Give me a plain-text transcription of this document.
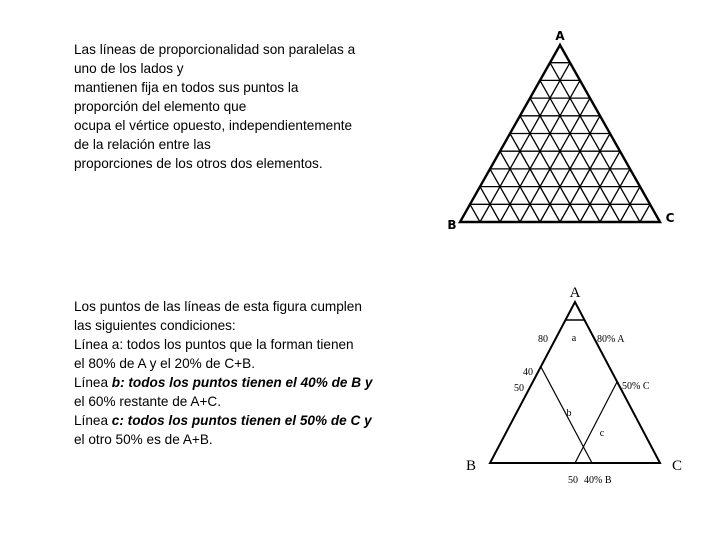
Las líneas de proporcionalidad son paralelas a
uno de los lados y
mantienen fija en todos sus puntos la
proporción del elemento que
ocupa el vértice opuesto, independientemente
de la relación entre las
proporciones de los otros dos elementos.
Los puntos de las líneas de esta figura cumplen
las siguientes condiciones:
Línea a: todos los puntos que la forman tienen
el 80% de A y el 20% de C+B.
Línea b: todos los puntos tienen el 40% de B y
el 60% restante de A+C.
Línea c: todos los puntos tienen el 50% de C y
el otro 50% es de A+B.
A
B	C
A
B	C
a
b
c
80	80% A
40
50	50% C
50 40% B
